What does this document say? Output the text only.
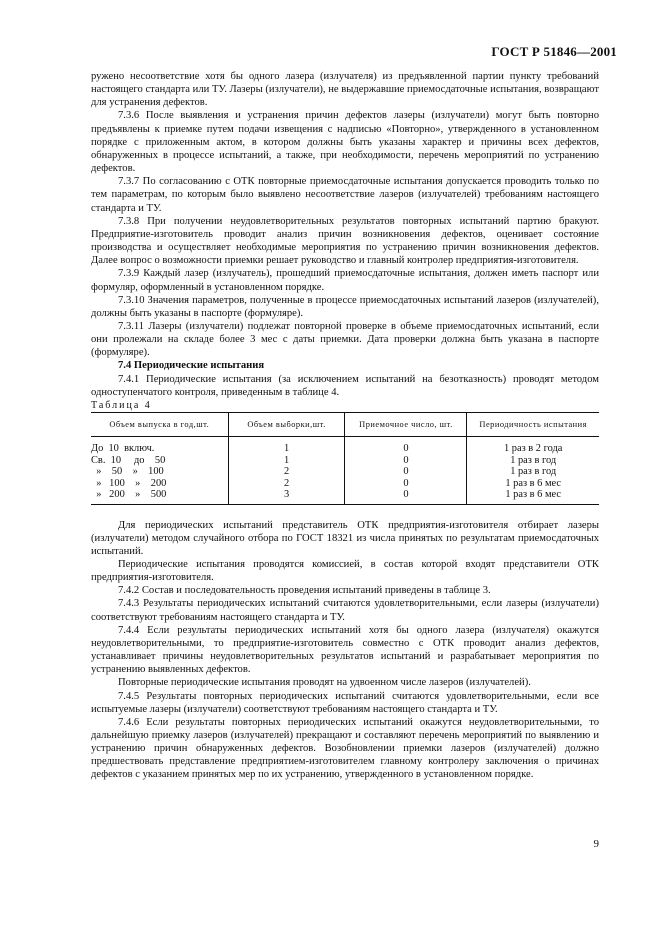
ГОСТ Р 51846—2001

ружено несоответствие хотя бы одного лазера (излучателя) из предъявленной партии пункту требований настоящего стандарта или ТУ. Лазеры (излучатели), не выдержавшие приемосдаточные испытания, возвращают для устранения дефектов.

7.3.6 После выявления и устранения причин дефектов лазеры (излучатели) могут быть повторно предъявлены к приемке путем подачи извещения с надписью «Повторно», утвержденного в установленном порядке с приложенным актом, в котором должны быть указаны характер и причины всех дефектов, обнаруженных в процессе испытаний, а также, при необходимости, перечень мероприятий по устранению дефектов.

7.3.7 По согласованию с ОТК повторные приемосдаточные испытания допускается проводить только по тем параметрам, по которым было выявлено несоответствие лазеров (излучателей) требованиям настоящего стандарта и ТУ.

7.3.8 При получении неудовлетворительных результатов повторных испытаний партию бракуют. Предприятие-изготовитель проводит анализ причин возникновения дефектов, оценивает состояние производства и осуществляет необходимые мероприятия по устранению причин возникновения дефектов. Далее вопрос о возможности приемки решает руководство и главный контролер предприятия-изготовителя.

7.3.9 Каждый лазер (излучатель), прошедший приемосдаточные испытания, должен иметь паспорт или формуляр, оформленный в установленном порядке.

7.3.10 Значения параметров, полученные в процессе приемосдаточных испытаний лазеров (излучателей), должны быть указаны в паспорте (формуляре).

7.3.11 Лазеры (излучатели) подлежат повторной проверке в объеме приемосдаточных испытаний, если они пролежали на складе более 3 мес с даты приемки. Дата проверки должна быть указана в паспорте (формуляре).

7.4 Периодические испытания

7.4.1 Периодические испытания (за исключением испытаний на безотказность) проводят методом одноступенчатого контроля, приведенным в таблице 4.

Таблица 4

Объем выпуска в год,шт.	Объем выборки,шт.	Приемочное число, шт.	Периодичность испытания
До  10  включ.	1	0	1 раз в 2 года
Св.  10     до    50	1	0	1 раз в год
»    50    »    100	2	0	1 раз в год
»   100    »    200	2	0	1 раз в 6 мес
»   200    »    500	3	0	1 раз в 6 мес

Для периодических испытаний представитель ОТК предприятия-изготовителя отбирает лазеры (излучатели) методом случайного отбора по ГОСТ 18321 из числа принятых по результатам приемосдаточных испытаний.

Периодические испытания проводятся комиссией, в состав которой входят представители ОТК предприятия-изготовителя.

7.4.2 Состав и последовательность проведения испытаний приведены в таблице 3.

7.4.3 Результаты периодических испытаний считаются удовлетворительными, если лазеры (излучатели) соответствуют требованиям настоящего стандарта и ТУ.

7.4.4 Если результаты периодических испытаний хотя бы одного лазера (излучателя) окажутся неудовлетворительными, то предприятие-изготовитель совместно с ОТК проводит анализ дефектов, устанавливает причины неудовлетворительных результатов испытаний и разрабатывает мероприятия по устранению выявленных дефектов.

Повторные периодические испытания проводят на удвоенном числе лазеров (излучателей).

7.4.5 Результаты повторных периодических испытаний считаются удовлетворительными, если все испытуемые лазеры (излучатели) соответствуют требованиям настоящего стандарта и ТУ.

7.4.6 Если результаты повторных периодических испытаний окажутся неудовлетворительными, то дальнейшую приемку лазеров (излучателей) прекращают и составляют перечень мероприятий по выявлению и устранению причин обнаруженных дефектов. Возобновлении приемки лазеров (излучателей) должно предшествовать представление предприятием-изготовителем главному контролеру заключения о причинах дефектов с указанием принятых мер по их устранению, утвержденного в установленном порядке.

9
